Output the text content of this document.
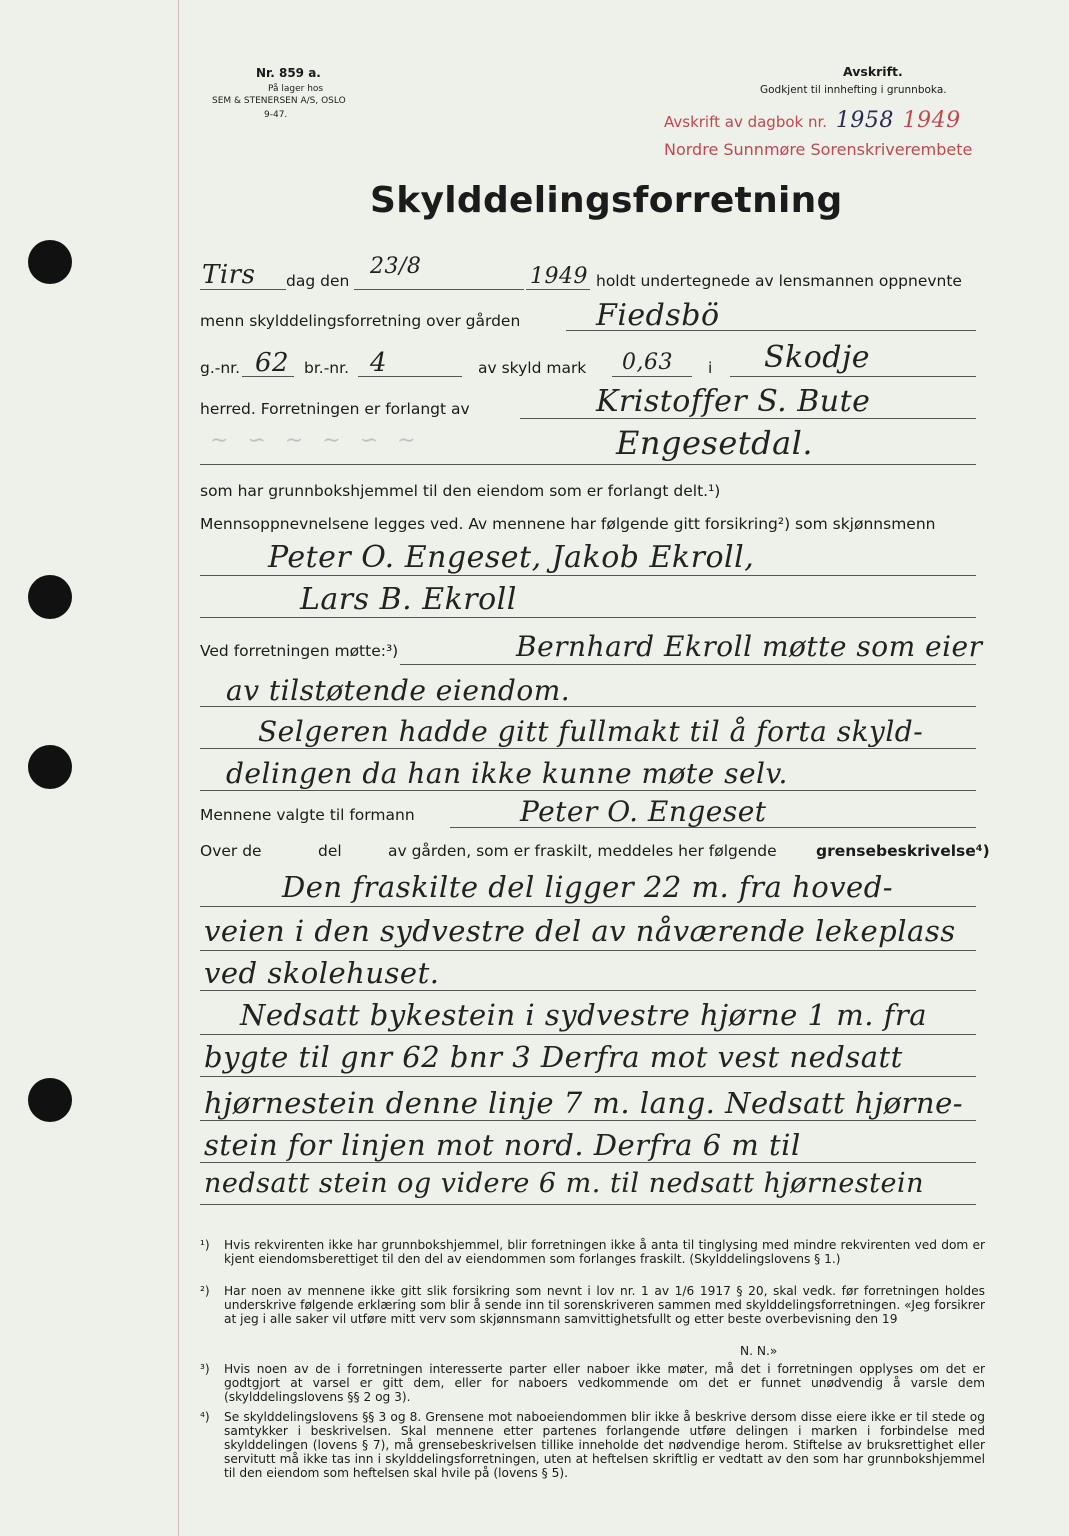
Nr. 859 a.
På lager hos
SEM & STENERSEN A/S, OSLO
9-47.
Avskrift.
Godkjent til innhefting i grunnboka.
Avskrift av dagbok nr. 1958 1949
Nordre Sunnmøre Sorenskriverembete
Skylddelingsforretning
Tirs dag den
23/8	1949 holdt undertegnede av lensmannen oppnevnte
menn skylddelingsforretning over gården	Fiedsbö
g.-nr. 62 br.-nr. 4	av skyld mark 0,63 i Skodje
herred. Forretningen er forlangt av	Kristoffer S. Bute
∼ ∽ ∼ ∼ ∽ ∼	Engesetdal.
som har grunnbokshjemmel til den eiendom som er forlangt delt.¹)
Mennsoppnevnelsene legges ved. Av mennene har følgende gitt forsikring²) som skjønnsmenn
Peter O. Engeset, Jakob Ekroll,
Lars B. Ekroll
Ved forretningen møtte:³)	Bernhard Ekroll møtte som eier
av tilstøtende eiendom.
Selgeren hadde gitt fullmakt til å forta skyld-
delingen da han ikke kunne møte selv.
Mennene valgte til formann	Peter O. Engeset
Over de	del	av gården, som er fraskilt, meddeles her følgende	grensebeskrivelse⁴)
Den fraskilte del ligger 22 m. fra hoved-
veien i den sydvestre del av nåværende lekeplass
ved skolehuset.
Nedsatt bykestein i sydvestre hjørne 1 m. fra
bygte til gnr 62 bnr 3 Derfra mot vest nedsatt
hjørnestein denne linje 7 m. lang. Nedsatt hjørne-
stein for linjen mot nord. Derfra 6 m til
nedsatt stein og videre 6 m. til nedsatt hjørnestein
¹)	Hvis rekvirenten ikke har grunnbokshjemmel, blir forretningen ikke å anta til tinglysing med mindre rekvirenten ved dom er kjent eiendomsberettiget til den del av eiendommen som forlanges fraskilt. (Skylddelingslovens § 1.)
²)	Har noen av mennene ikke gitt slik forsikring som nevnt i lov nr. 1 av 1/6 1917 § 20, skal vedk. før forretningen holdes underskrive følgende erklæring som blir å sende inn til sorenskriveren sammen med skylddelingsforretningen. «Jeg forsikrer at jeg i alle saker vil utføre mitt verv som skjønnsmann samvittighetsfullt og etter beste overbevisning den 19
N. N.»
³)	Hvis noen av de i forretningen interesserte parter eller naboer ikke møter, må det i forretningen opplyses om det er godtgjort at varsel er gitt dem, eller for naboers vedkommende om det er funnet unødvendig å varsle dem (skylddelingslovens §§ 2 og 3).
⁴)	Se skylddelingslovens §§ 3 og 8. Grensene mot naboeiendommen blir ikke å beskrive dersom disse eiere ikke er til stede og samtykker i beskrivelsen. Skal mennene etter partenes forlangende utføre delingen i marken i forbindelse med skylddelingen (lovens § 7), må grensebeskrivelsen tillike inneholde det nødvendige herom. Stiftelse av bruksrettighet eller servitutt må ikke tas inn i skylddelingsforretningen, uten at heftelsen skriftlig er vedtatt av den som har grunnbokshjemmel til den eiendom som heftelsen skal hvile på (lovens § 5).
